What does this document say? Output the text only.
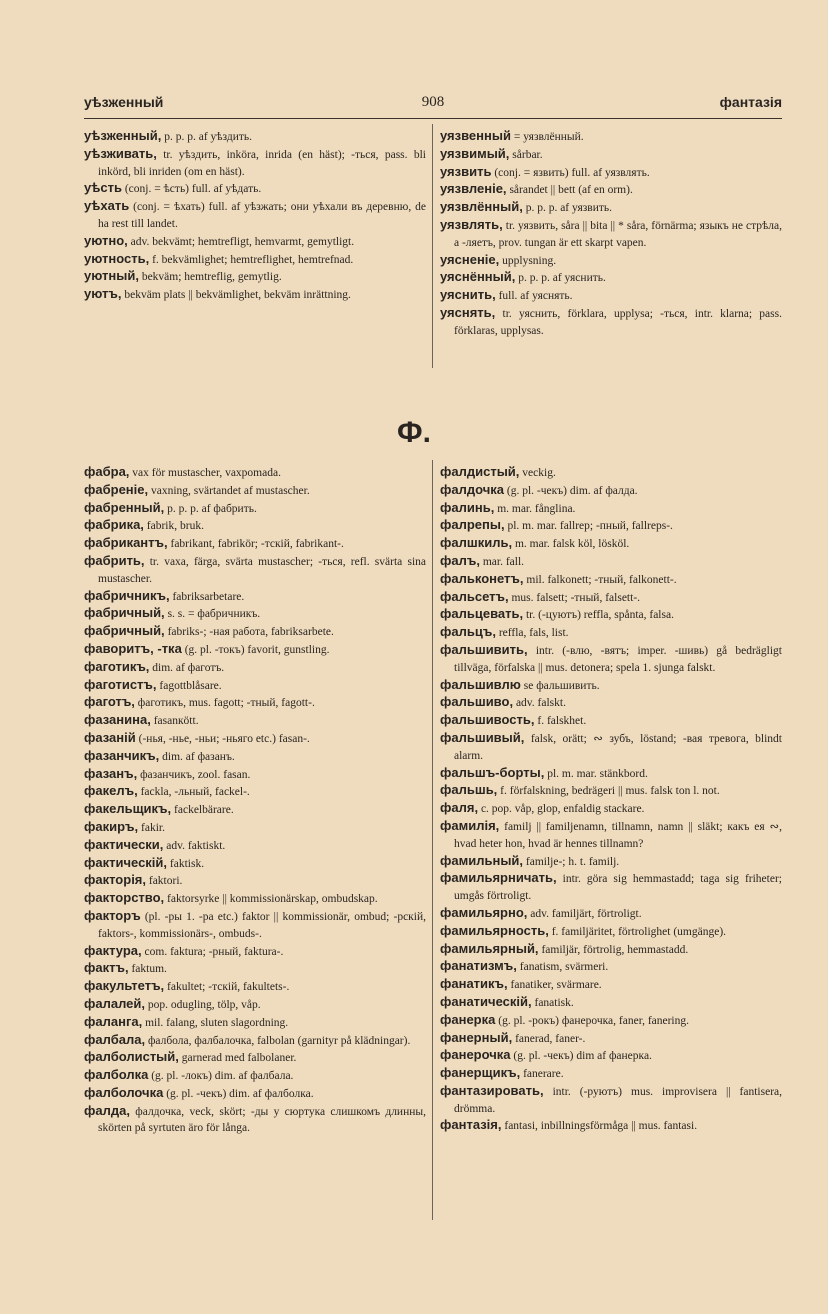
уѣзженный	908	фантазія

уѣзженный, p. p. p. af уѣздить.

уѣзживать, tr. уѣздить, inköra, inrida (en häst); -ться, pass. bli inkörd, bli inriden (om en häst).

уѣсть (conj. = ѣсть) full. af уѣдать.

уѣхать (conj. = ѣхать) full. af уѣзжать; они уѣхали въ деревню, de ha rest till landet.

уютно, adv. bekvämt; hemtrefligt, hemvarmt, gemytligt.

уютность, f. bekvämlighet; hemtreflighet, hemtrefnad.

уютный, bekväm; hemtreflig, gemytlig.

уютъ, bekväm plats || bekvämlighet, bekväm inrättning.

уязвенный = уязвлённый.

уязвимый, sårbar.

уязвить (conj. = язвить) full. af уязвлять.

уязвленіе, sårandet || bett (af en orm).

уязвлённый, p. p. p. af уязвить.

уязвлять, tr. уязвить, såra || bita || * såra, förnärma; языкъ не стрѣла, а -ляетъ, prov. tungan är ett skarpt vapen.

уясненіе, upplysning.

уяснённый, p. p. p. af уяснить.

уяснить, full. af уяснять.

уяснять, tr. уяснить, förklara, upplysa; -ться, intr. klarna; pass. förklaras, upplysas.

Ф.

фабра, vax för mustascher, vaxpomada.

фабреніе, vaxning, svärtandet af mustascher.

фабренный, p. p. p. af фабрить.

фабрика, fabrik, bruk.

фабрикантъ, fabrikant, fabrikör; -тскій, fabrikant-.

фабрить, tr. vaxa, färga, svärta mustascher; -ться, refl. svärta sina mustascher.

фабричникъ, fabriksarbetare.

фабричный, s. s. = фабричникъ.

фабричный, fabriks-; -ная работа, fabriksarbete.

фаворитъ, -тка (g. pl. -токъ) favorit, gunstling.

фаготикъ, dim. af фаготъ.

фаготистъ, fagottblåsare.

фаготъ, фаготикъ, mus. fagott; -тный, fagott-.

фазанина, fasanкött.

фазаній (-нья, -нье, -ньи; -ньяго etc.) fasan-.

фазанчикъ, dim. af фазанъ.

фазанъ, фазанчикъ, zool. fasan.

факелъ, fackla, -льный, fackel-.

факельщикъ, fackelbärare.

факиръ, fakir.

фактически, adv. faktiskt.

фактическій, faktisk.

факторія, faktori.

факторство, faktorsyrke || kommissionärskap, ombudskap.

факторъ (pl. -ры 1. -ра etc.) faktor || kommissionär, ombud; -рскій, faktors-, kommissionärs-, ombuds-.

фактура, com. faktura; -рный, faktura-.

фактъ, faktum.

факультетъ, fakultet; -тскій, fakultets-.

фалалей, pop. odugling, tölp, våp.

фаланга, mil. falang, sluten slagordning.

фалбала, фалбола, фалбалочка, falbolan (garnityr på klädningar).

фалболистый, garnerad med falbolaner.

фалболка (g. pl. -локъ) dim. af фалбала.

фалболочка (g. pl. -чекъ) dim. af фалболка.

фалда, фалдочка, veck, skört; -ды у сюртука слишкомъ длинны, skörten på syrtuten äro för långa.

фалдистый, veckig.

фалдочка (g. pl. -чекъ) dim. af фалда.

фалинь, m. mar. fånglina.

фалрепы, pl. m. mar. fallrep; -пный, fallreps-.

фалшкиль, m. mar. falsk köl, lösköl.

фалъ, mar. fall.

фальконетъ, mil. falkonett; -тный, falkonett-.

фальсетъ, mus. falsett; -тный, falsett-.

фальцевать, tr. (-цуютъ) reffla, spånta, falsa.

фальцъ, reffla, fals, list.

фальшивить, intr. (-влю, -вятъ; imper. -шивь) gå bedrägligt tillväga, förfalska || mus. detonera; spela 1. sjunga falskt.

фальшивлю se фальшивить.

фальшиво, adv. falskt.

фальшивость, f. falskhet.

фальшивый, falsk, orätt; ∾ зубъ, löstand; -вая тревога, blindt alarm.

фальшъ-борты, pl. m. mar. stänkbord.

фальшь, f. förfalskning, bedrägeri || mus. falsk ton l. not.

фаля, c. pop. våp, glop, enfaldig stackare.

фамилія, familj || familjenamn, tillnamn, namn || släkt; какъ ея ∾, hvad heter hon, hvad är hennes tillnamn?

фамильный, familje-; h. t. familj.

фамильярничать, intr. göra sig hemmastadd; taga sig friheter; umgås förtroligt.

фамильярно, adv. familjärt, förtroligt.

фамильярность, f. familjäritet, förtrolighet (umgänge).

фамильярный, familjär, förtrolig, hemmastadd.

фанатизмъ, fanatism, svärmeri.

фанатикъ, fanatiker, svärmare.

фанатическій, fanatisk.

фанерка (g. pl. -рокъ) фанерочка, faner, fanering.

фанерный, fanerad, faner-.

фанерочка (g. pl. -чекъ) dim af фанерка.

фанерщикъ, fanerare.

фантазировать, intr. (-руютъ) mus. improvisera || fantisera, drömma.

фантазія, fantasi, inbillningsförmåga || mus. fantasi.
